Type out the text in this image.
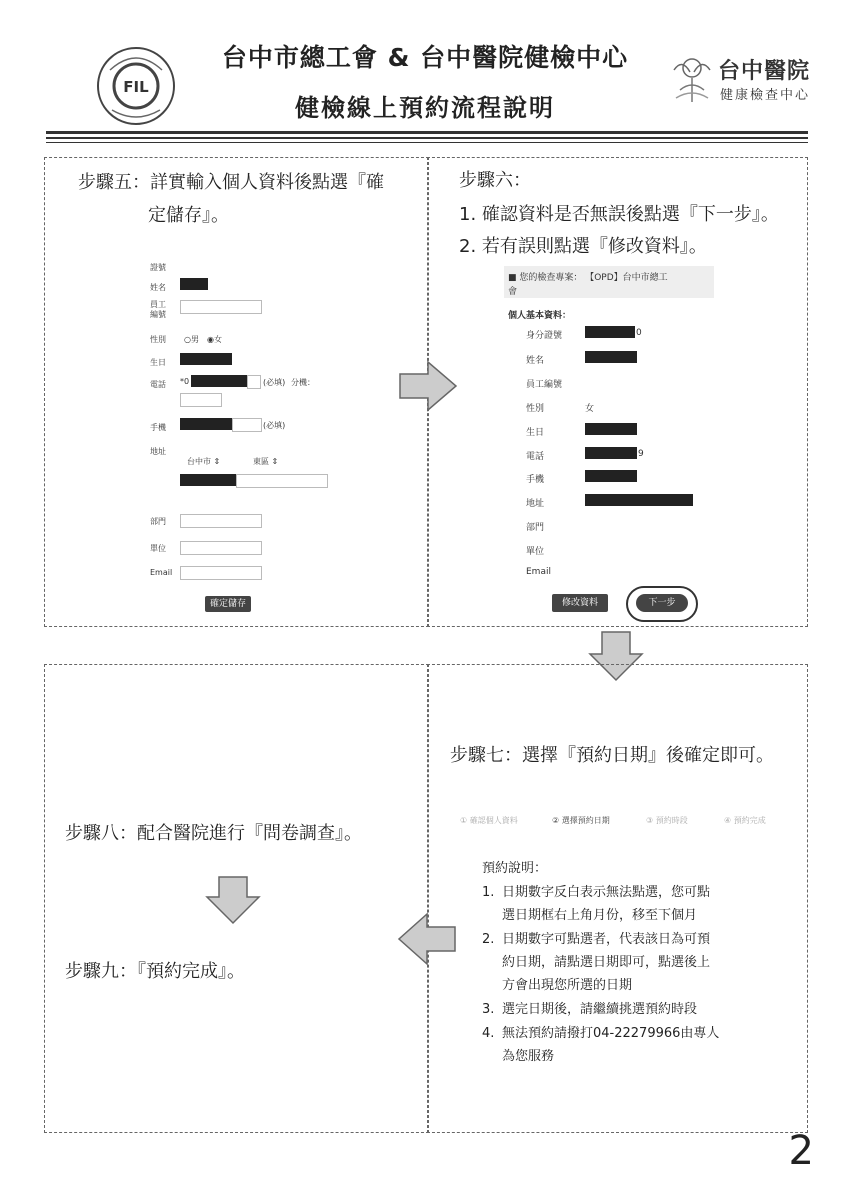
FIL
台中市總工會 & 台中醫院健檢中心
健檢線上預約流程說明
台中醫院
健康檢查中心
步驟五：詳實輸入個人資料後點選『確
定儲存』。
證號
姓名
員工
編號
性別 ○男 ◉女
生日
電話 *0	(必填) 分機：
手機	(必填)
地址
台中市 ⇕	東區 ⇕
部門
單位
Email
確定儲存
步驟六：
1. 確認資料是否無誤後點選『下一步』。
2. 若有誤則點選『修改資料』。
■ 您的檢查專案： 【OPD】台中市總工
會
個人基本資料：
身分證號	0
姓名
員工編號
性別	女
生日
電話	9
手機
地址
部門
單位
Email
修改資料	下一步
步驟八：配合醫院進行『問卷調查』。
步驟九：『預約完成』。
步驟七：選擇『預約日期』後確定即可。
① 確認個人資料	② 選擇預約日期	③ 預約時段	④ 預約完成
預約說明：
1. 日期數字反白表示無法點選，您可點
選日期框右上角月份，移至下個月
2. 日期數字可點選者，代表該日為可預
約日期，請點選日期即可，點選後上
方會出現您所選的日期
3. 選完日期後，請繼續挑選預約時段
4. 無法預約請撥打04-22279966由專人
為您服務
2
